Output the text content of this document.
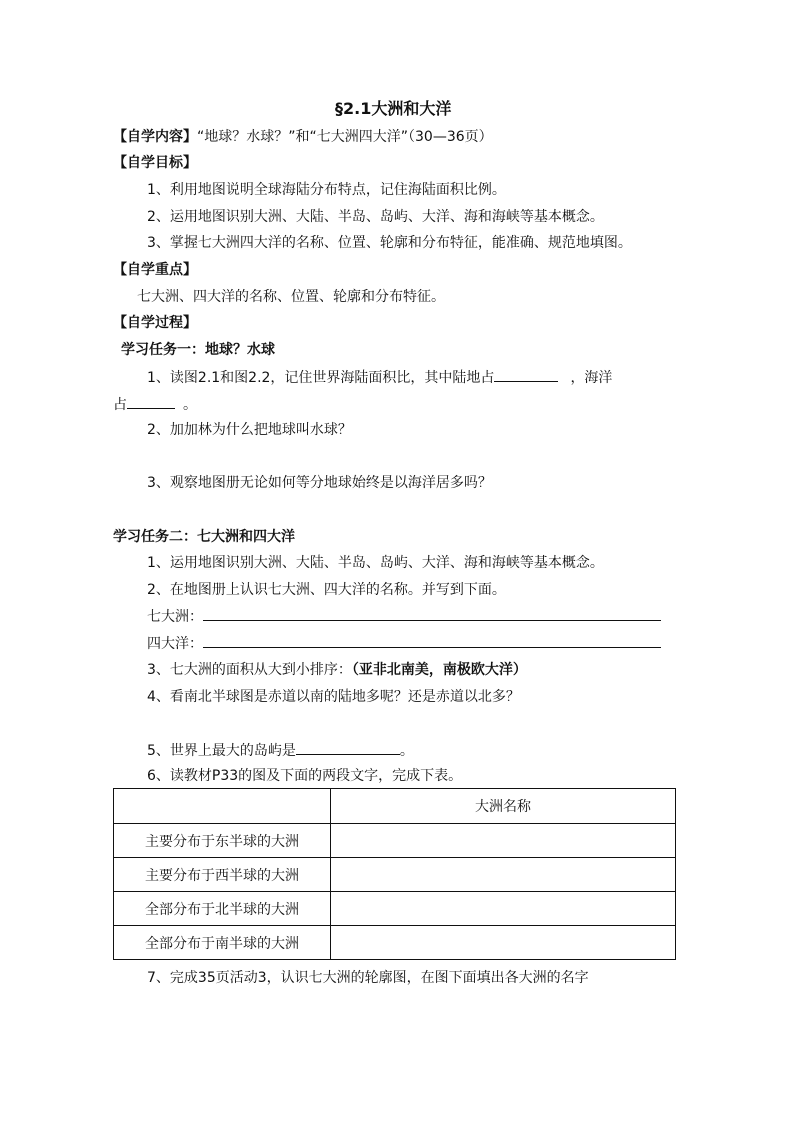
§2.1大洲和大洋
【自学内容】“地球？水球？”和“七大洲四大洋”（30—36页）
【自学目标】
1、利用地图说明全球海陆分布特点，记住海陆面积比例。
2、运用地图识别大洲、大陆、半岛、岛屿、大洋、海和海峡等基本概念。
3、掌握七大洲四大洋的名称、位置、轮廓和分布特征，能准确、规范地填图。
【自学重点】
七大洲、四大洋的名称、位置、轮廓和分布特征。
【自学过程】
学习任务一：地球？水球
1、读图2.1和图2.2，记住世界海陆面积比，其中陆地占	，海洋
占	。
2、加加林为什么把地球叫水球？
3、观察地图册无论如何等分地球始终是以海洋居多吗？
学习任务二：七大洲和四大洋
1、运用地图识别大洲、大陆、半岛、岛屿、大洋、海和海峡等基本概念。
2、在地图册上认识七大洲、四大洋的名称。并写到下面。
七大洲：
四大洋：
3、七大洲的面积从大到小排序：（亚非北南美，南极欧大洋）
4、看南北半球图是赤道以南的陆地多呢？还是赤道以北多？
5、世界上最大的岛屿是	。
6、读教材P33的图及下面的两段文字，完成下表。
	大洲名称
主要分布于东半球的大洲	
主要分布于西半球的大洲	
全部分布于北半球的大洲	
全部分布于南半球的大洲	
7、完成35页活动3，认识七大洲的轮廓图，在图下面填出各大洲的名字
